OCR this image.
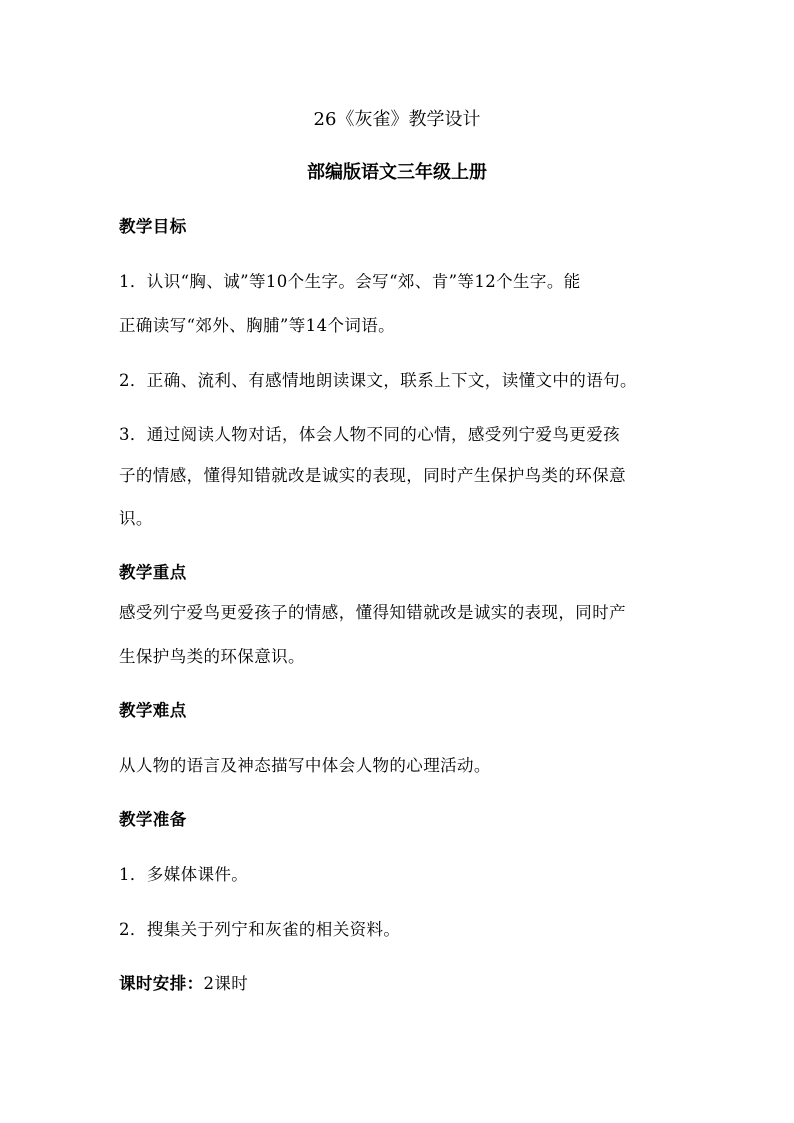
26《灰雀》教学设计
部编版语文三年级上册
教学目标
1．认识“胸、诚”等10个生字。会写“郊、肯”等12个生字。能
正确读写“郊外、胸脯”等14个词语。
2．正确、流利、有感情地朗读课文，联系上下文，读懂文中的语句。
3．通过阅读人物对话，体会人物不同的心情，感受列宁爱鸟更爱孩
子的情感，懂得知错就改是诚实的表现，同时产生保护鸟类的环保意
识。
教学重点
感受列宁爱鸟更爱孩子的情感，懂得知错就改是诚实的表现，同时产
生保护鸟类的环保意识。
教学难点
从人物的语言及神态描写中体会人物的心理活动。
教学准备
1．多媒体课件。
2．搜集关于列宁和灰雀的相关资料。
课时安排：2课时
